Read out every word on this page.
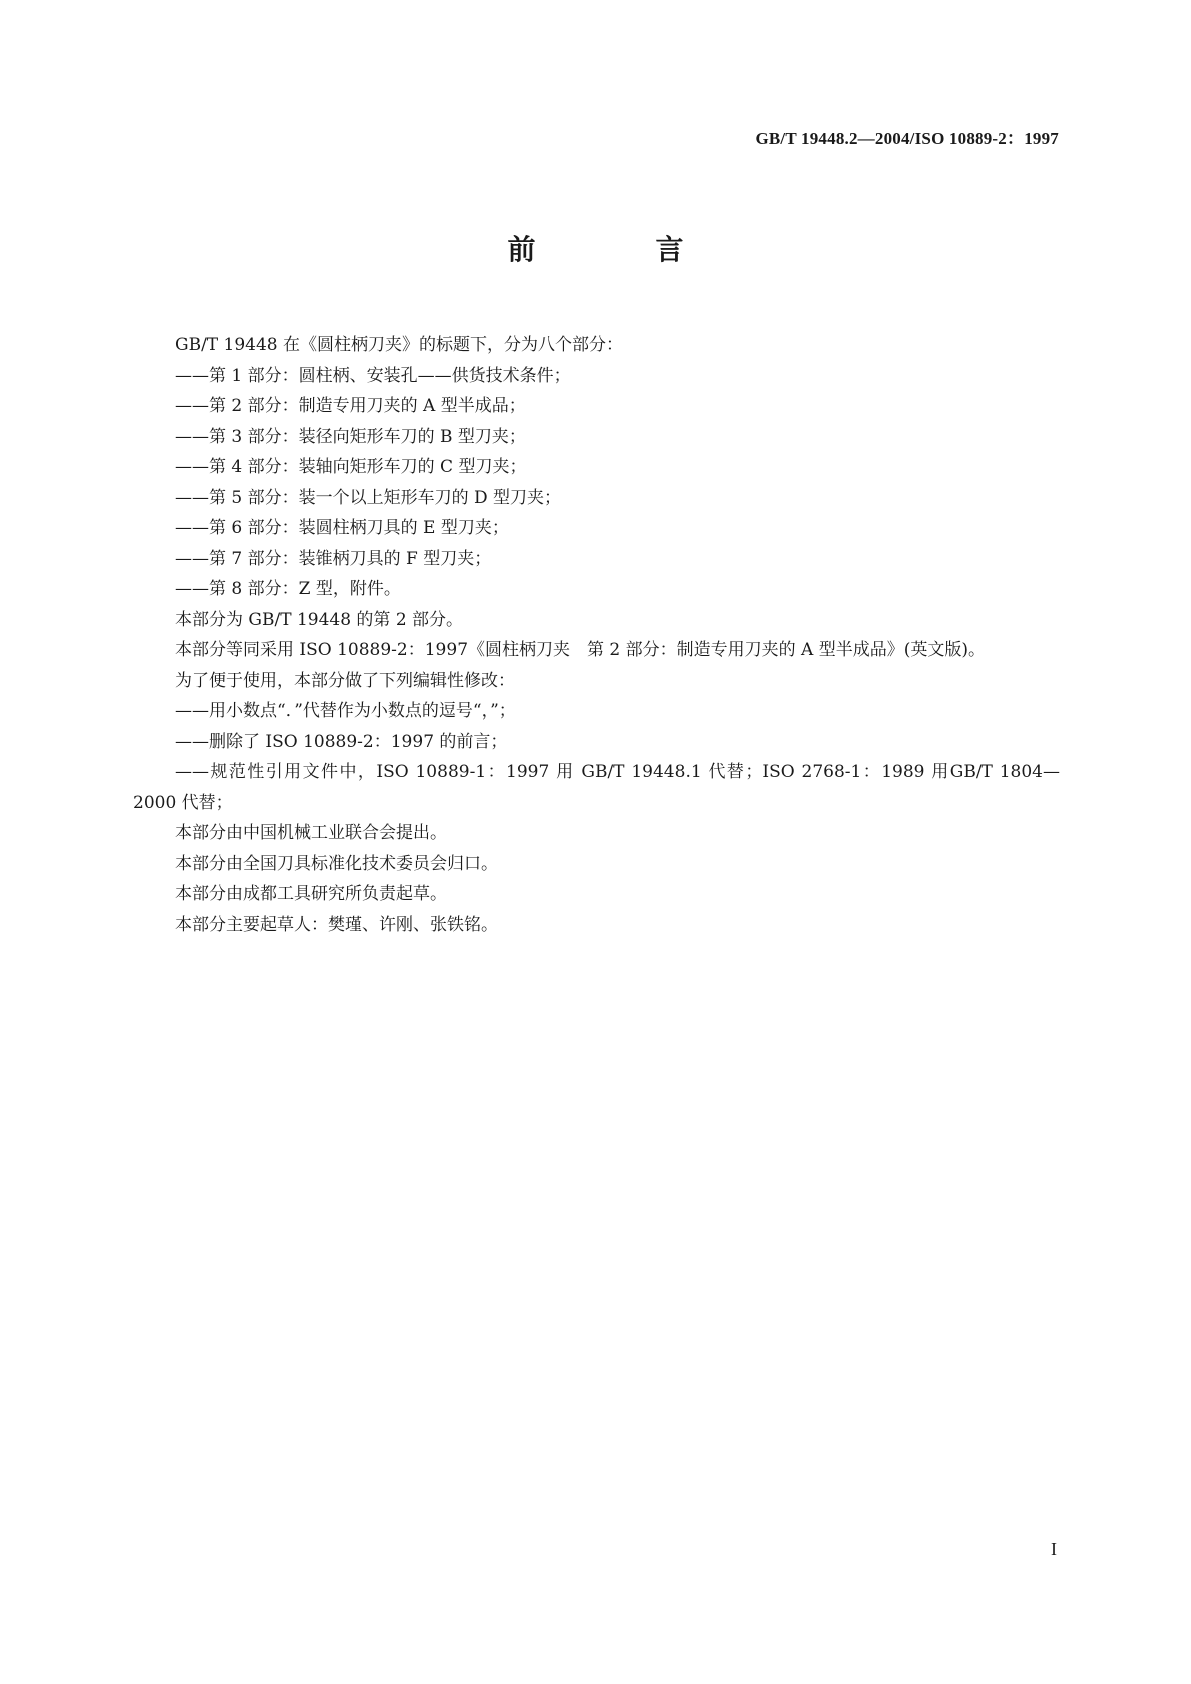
GB/T 19448.2—2004/ISO 10889-2：1997
前　言

GB/T 19448 在《圆柱柄刀夹》的标题下，分为八个部分：

——第 1 部分：圆柱柄、安装孔——供货技术条件；

——第 2 部分：制造专用刀夹的 A 型半成品；

——第 3 部分：装径向矩形车刀的 B 型刀夹；

——第 4 部分：装轴向矩形车刀的 C 型刀夹；

——第 5 部分：装一个以上矩形车刀的 D 型刀夹；

——第 6 部分：装圆柱柄刀具的 E 型刀夹；

——第 7 部分：装锥柄刀具的 F 型刀夹；

——第 8 部分：Z 型，附件。

本部分为 GB/T 19448 的第 2 部分。

本部分等同采用 ISO 10889-2：1997《圆柱柄刀夹　第 2 部分：制造专用刀夹的 A 型半成品》(英文版)。

为了便于使用，本部分做了下列编辑性修改：

——用小数点“．”代替作为小数点的逗号“，”；

——删除了 ISO 10889-2：1997 的前言；

——规范性引用文件中，ISO 10889-1：1997 用 GB/T 19448.1 代替；ISO 2768-1：1989 用GB/T 1804—2000 代替；

本部分由中国机械工业联合会提出。

本部分由全国刀具标准化技术委员会归口。

本部分由成都工具研究所负责起草。

本部分主要起草人：樊瑾、许刚、张铁铭。

I
